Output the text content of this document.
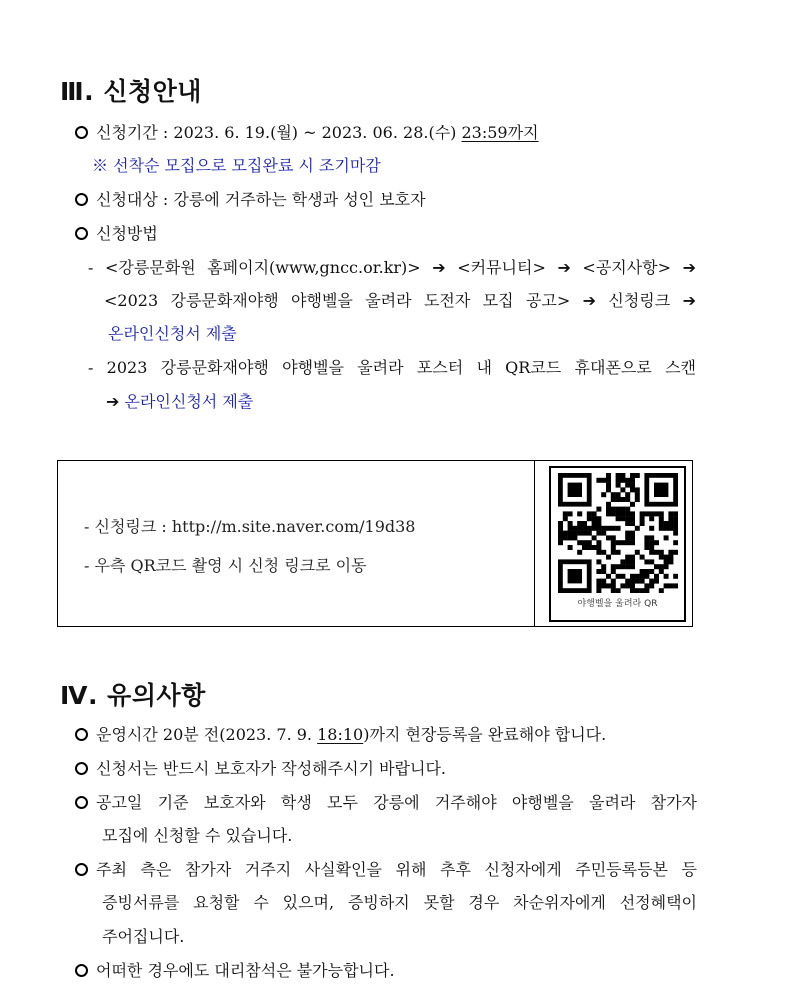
Ⅲ. 신청안내
신청기간 : 2023. 6. 19.(월) ~ 2023. 06. 28.(수) 23:59까지
※ 선착순 모집으로 모집완료 시 조기마감
신청대상 : 강릉에 거주하는 학생과 성인 보호자
신청방법
- <강릉문화원 홈페이지(www,gncc.or.kr)> ➔ <커뮤니티> ➔ <공지사항> ➔
<2023 강릉문화재야행 야행벨을 울려라 도전자 모집 공고> ➔ 신청링크 ➔
온라인신청서 제출
- 2023 강릉문화재야행 야행벨을 울려라 포스터 내 QR코드 휴대폰으로 스캔
➔ 온라인신청서 제출
- 신청링크 : http://m.site.naver.com/19d38
- 우측 QR코드 촬영 시 신청 링크로 이동
야행벨을 울려라 QR
Ⅳ. 유의사항
운영시간 20분 전(2023. 7. 9. 18:10)까지 현장등록을 완료해야 합니다.
신청서는 반드시 보호자가 작성해주시기 바랍니다.
공고일 기준 보호자와 학생 모두 강릉에 거주해야 야행벨을 울려라 참가자
모집에 신청할 수 있습니다.
주최 측은 참가자 거주지 사실확인을 위해 추후 신청자에게 주민등록등본 등
증빙서류를 요청할 수 있으며, 증빙하지 못할 경우 차순위자에게 선정혜택이
주어집니다.
어떠한 경우에도 대리참석은 불가능합니다.
